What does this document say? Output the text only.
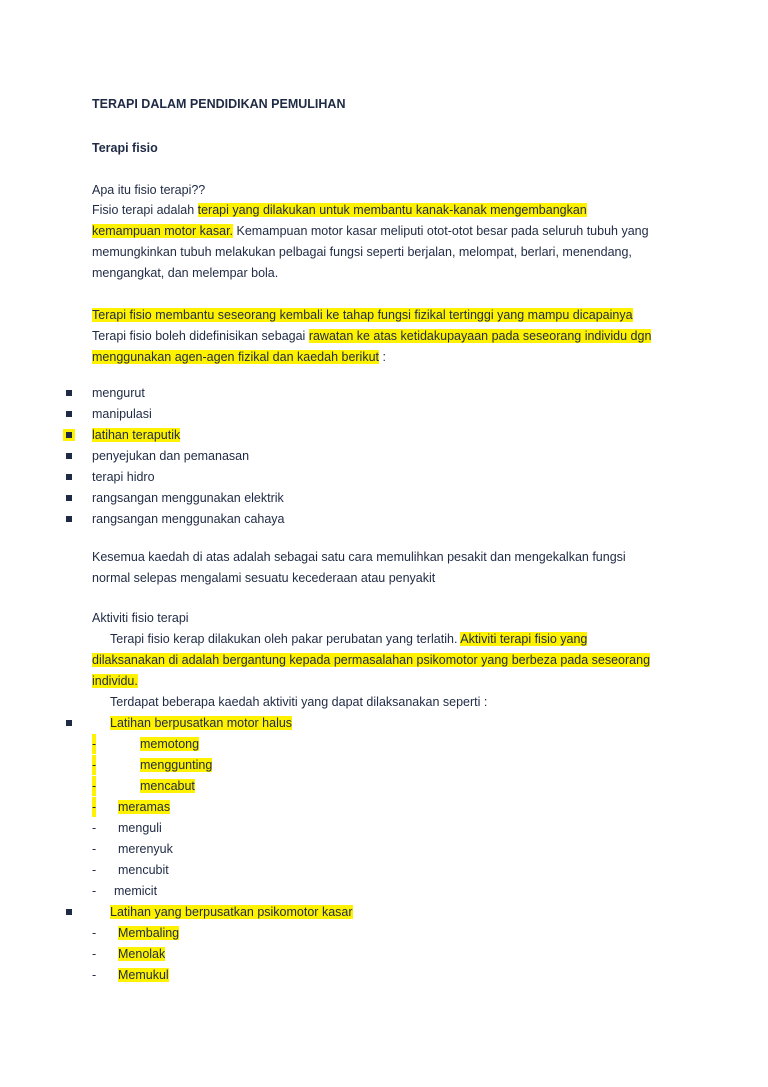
TERAPI DALAM PENDIDIKAN PEMULIHAN
Terapi fisio
Apa itu fisio terapi??
Fisio terapi adalah terapi yang dilakukan untuk membantu kanak-kanak mengembangkan
kemampuan motor kasar. Kemampuan motor kasar meliputi otot-otot besar pada seluruh tubuh yang
memungkinkan tubuh melakukan pelbagai fungsi seperti berjalan, melompat, berlari, menendang,
mengangkat, dan melempar bola.
Terapi fisio membantu seseorang kembali ke tahap fungsi fizikal tertinggi yang mampu dicapainya
Terapi fisio boleh didefinisikan sebagai rawatan ke atas ketidakupayaan pada seseorang individu dgn
menggunakan agen-agen fizikal dan kaedah berikut :
mengurut
manipulasi
latihan teraputik
penyejukan dan pemanasan
terapi hidro
rangsangan menggunakan elektrik
rangsangan menggunakan cahaya
Kesemua kaedah di atas adalah sebagai satu cara memulihkan pesakit dan mengekalkan fungsi
normal selepas mengalami sesuatu kecederaan atau penyakit
Aktiviti fisio terapi
Terapi fisio kerap dilakukan oleh pakar perubatan yang terlatih. Aktiviti terapi fisio yang
dilaksanakan di adalah bergantung kepada permasalahan psikomotor yang berbeza pada seseorang
individu.
Terdapat beberapa kaedah aktiviti yang dapat dilaksanakan seperti :
Latihan berpusatkan motor halus
-	memotong
-	menggunting
-	mencabut
- meramas
- menguli
- merenyuk
- mencubit
- memicit
Latihan yang berpusatkan psikomotor kasar
- Membaling
- Menolak
- Memukul
